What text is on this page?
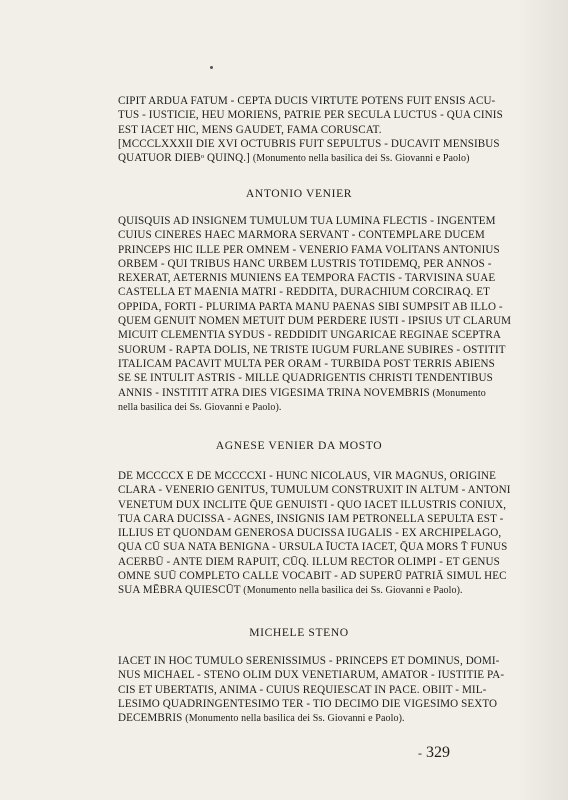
CIPIT ARDUA FATUM - CEPTA DUCIS VIRTUTE POTENS FUIT ENSIS ACU-
TUS - IUSTICIE, HEU MORIENS, PATRIE PER SECULA LUCTUS - QUA CINIS
EST IACET HIC, MENS GAUDET, FAMA CORUSCAT.
[MCCCLXXXII DIE XVI OCTUBRIS FUIT SEPULTUS - DUCAVIT MENSIBUS
QUATUOR DIEBᵒ QUINQ.] (Monumento nella basilica dei Ss. Giovanni e Paolo)
ANTONIO VENIER
QUISQUIS AD INSIGNEM TUMULUM TUA LUMINA FLECTIS - INGENTEM
CUIUS CINERES HAEC MARMORA SERVANT - CONTEMPLARE DUCEM
PRINCEPS HIC ILLE PER OMNEM - VENERIO FAMA VOLITANS ANTONIUS
ORBEM - QUI TRIBUS HANC URBEM LUSTRIS TOTIDEMQ, PER ANNOS -
REXERAT, AETERNIS MUNIENS EA TEMPORA FACTIS - TARVISINA SUAE
CASTELLA ET MAENIA MATRI - REDDITA, DURACHIUM CORCIRAQ. ET
OPPIDA, FORTI - PLURIMA PARTA MANU PAENAS SIBI SUMPSIT AB ILLO -
QUEM GENUIT NOMEN METUIT DUM PERDERE IUSTI - IPSIUS UT CLARUM
MICUIT CLEMENTIA SYDUS - REDDIDIT UNGARICAE REGINAE SCEPTRA
SUORUM - RAPTA DOLIS, NE TRISTE IUGUM FURLANE SUBIRES - OSTITIT
ITALICAM PACAVIT MULTA PER ORAM - TURBIDA POST TERRIS ABIENS
SE SE INTULIT ASTRIS - MILLE QUADRIGENTIS CHRISTI TENDENTIBUS
ANNIS - INSTITIT ATRA DIES VIGESIMA TRINA NOVEMBRIS (Monumento
nella basilica dei Ss. Giovanni e Paolo).
AGNESE VENIER DA MOSTO
DE MCCCCX E DE MCCCCXI - HUNC NICOLAUS, VIR MAGNUS, ORIGINE
CLARA - VENERIO GENITUS, TUMULUM CONSTRUXIT IN ALTUM - ANTONI
VENETUM DUX INCLITE Q̄UE GENUISTI - QUO IACET ILLUSTRIS CONIUX,
TUA CARA DUCISSA - AGNES, INSIGNIS IAM PETRONELLA SEPULTA EST -
ILLIUS ET QUONDAM GENEROSA DUCISSA IUGALIS - EX ARCHIPELAGO,
QUA CŪ SUA NATA BENIGNA - URSULA ĪUCTA IACET, Q̄UA MORS T̄ FUNUS
ACERBŪ - ANTE DIEM RAPUIT, CŪQ. ILLUM RECTOR OLIMPI - ET GENUS
OMNE SUŪ COMPLETO CALLE VOCABIT - AD SUPERŪ PATRIĀ SIMUL HEC
SUA MĒBRA QUIESCŪT (Monumento nella basilica dei Ss. Giovanni e Paolo).
MICHELE STENO
IACET IN HOC TUMULO SERENISSIMUS - PRINCEPS ET DOMINUS, DOMI-
NUS MICHAEL - STENO OLIM DUX VENETIARUM, AMATOR - IUSTITIE PA-
CIS ET UBERTATIS, ANIMA - CUIUS REQUIESCAT IN PACE. OBIIT - MIL-
LESIMO QUADRINGENTESIMO TER - TIO DECIMO DIE VIGESIMO SEXTO
DECEMBRIS (Monumento nella basilica dei Ss. Giovanni e Paolo).
- 329
